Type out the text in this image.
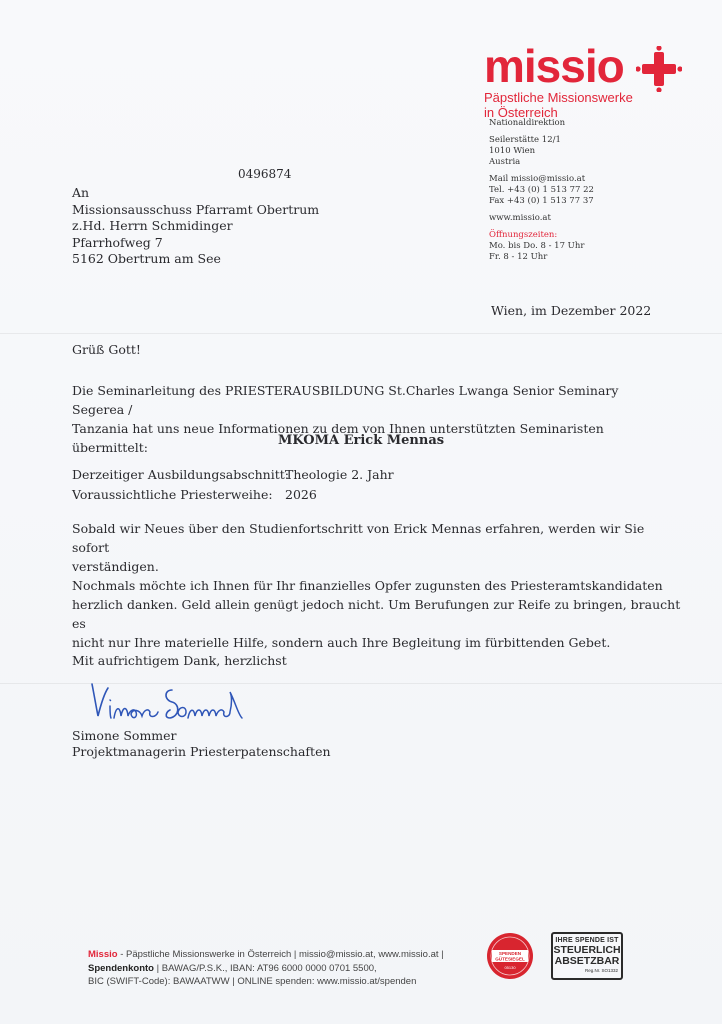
missio
Päpstliche Missionswerke
in Österreich
Nationaldirektion
Seilerstätte 12/1
1010 Wien
Austria
Mail missio@missio.at
Tel. +43 (0) 1 513 77 22
Fax +43 (0) 1 513 77 37
www.missio.at
Öffnungszeiten:
Mo. bis Do. 8 - 17 Uhr
Fr. 8 - 12 Uhr
0496874
An
Missionsausschuss Pfarramt Obertrum
z.Hd. Herrn Schmidinger
Pfarrhofweg 7
5162 Obertrum am See
Wien, im Dezember 2022
Grüß Gott!
Die Seminarleitung des PRIESTERAUSBILDUNG St.Charles Lwanga Senior Seminary Segerea /
Tanzania hat uns neue Informationen zu dem von Ihnen unterstützten Seminaristen übermittelt:	MKOMA Erick Mennas
Derzeitiger Ausbildungsabschnitt:
Theologie 2. Jahr
Voraussichtliche Priesterweihe: 2026
Sobald wir Neues über den Studienfortschritt von Erick Mennas erfahren, werden wir Sie sofort
verständigen.
Nochmals möchte ich Ihnen für Ihr finanzielles Opfer zugunsten des Priesteramtskandidaten
herzlich danken. Geld allein genügt jedoch nicht. Um Berufungen zur Reife zu bringen, braucht es
nicht nur Ihre materielle Hilfe, sondern auch Ihre Begleitung im fürbittenden Gebet.
Mit aufrichtigem Dank, herzlichst
Simone Sommer
Projektmanagerin Priesterpatenschaften
Missio - Päpstliche Missionswerke in Österreich | missio@missio.at, www.missio.at |
Spendenkonto | BAWAG/P.S.K., IBAN: AT96 6000 0000 0701 5500,
BIC (SWIFT-Code): BAWAATWW | ONLINE spenden: www.missio.at/spenden
SPENDEN
GÜTESIEGEL
05130
IHRE SPENDE IST
STEUERLICH
ABSETZBAR
Reg.Nr. SO1332
